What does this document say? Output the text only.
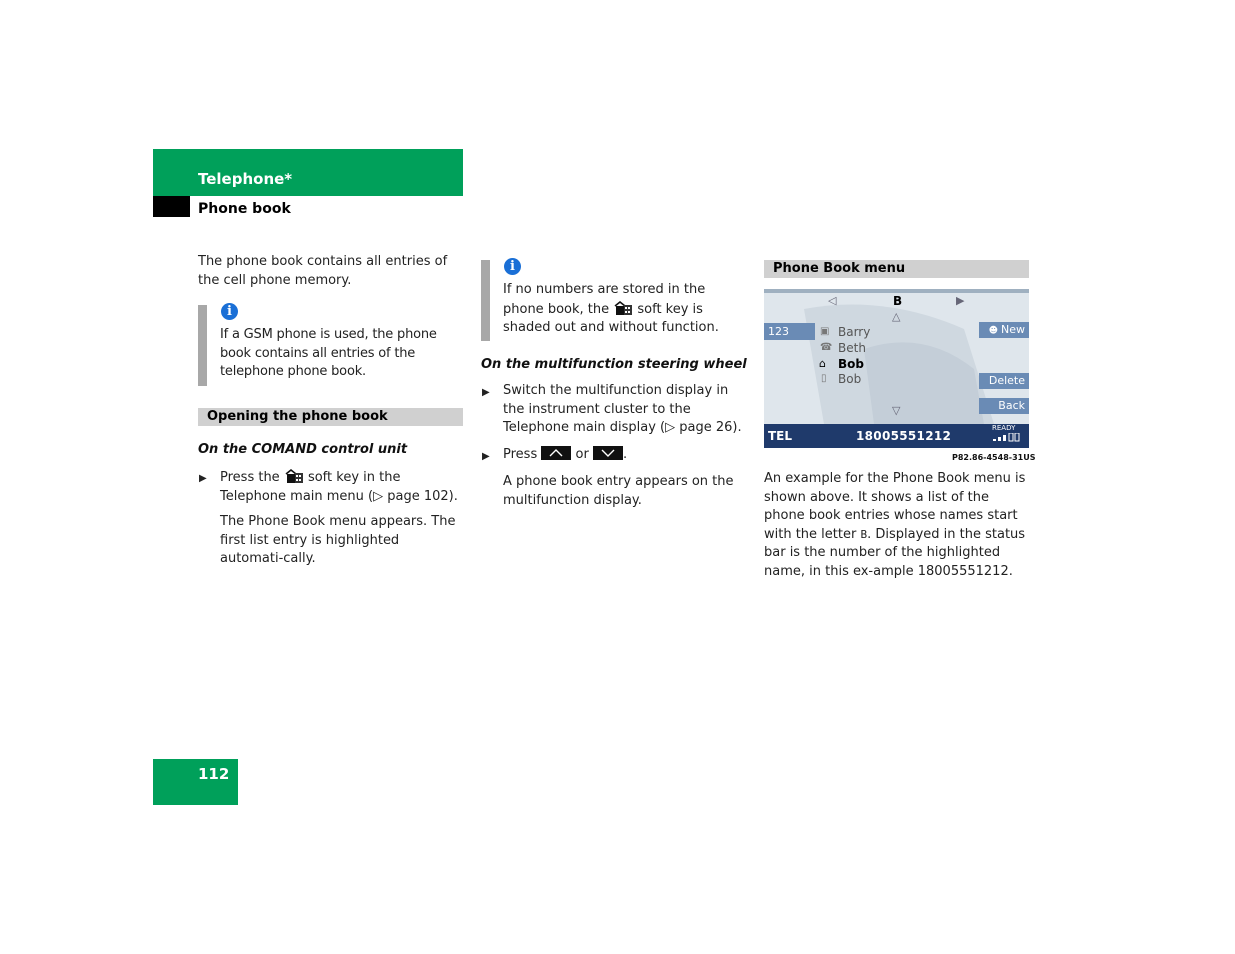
Telephone*
Phone book
The phone book contains all entries of the cell phone memory.
i
If a GSM phone is used, the phone book contains all entries of the telephone phone book.
Opening the phone book
On the COMAND control unit
▶ Press the  soft key in the Telephone main menu (▷ page 102).
The Phone Book menu appears. The first list entry is highlighted automati-cally.
i
If no numbers are stored in the phone book, the  soft key is shaded out and without function.
On the multifunction steering wheel
▶ Switch the multifunction display in the instrument cluster to the Telephone main display (▷ page 26).
▶ Press
or
.
A phone book entry appears on the multifunction display.
Phone Book menu
◁	B	▶
△
123	▣ Barry
☎ Beth
⌂ Bob
▯ Bob
▽
☻ New
Delete
Back
TEL	18005551212
READY
P82.86-4548-31US
An example for the Phone Book menu is shown above. It shows a list of the phone book entries whose names start with the letter B. Displayed in the status bar is the number of the highlighted name, in this ex-ample 18005551212.
112
